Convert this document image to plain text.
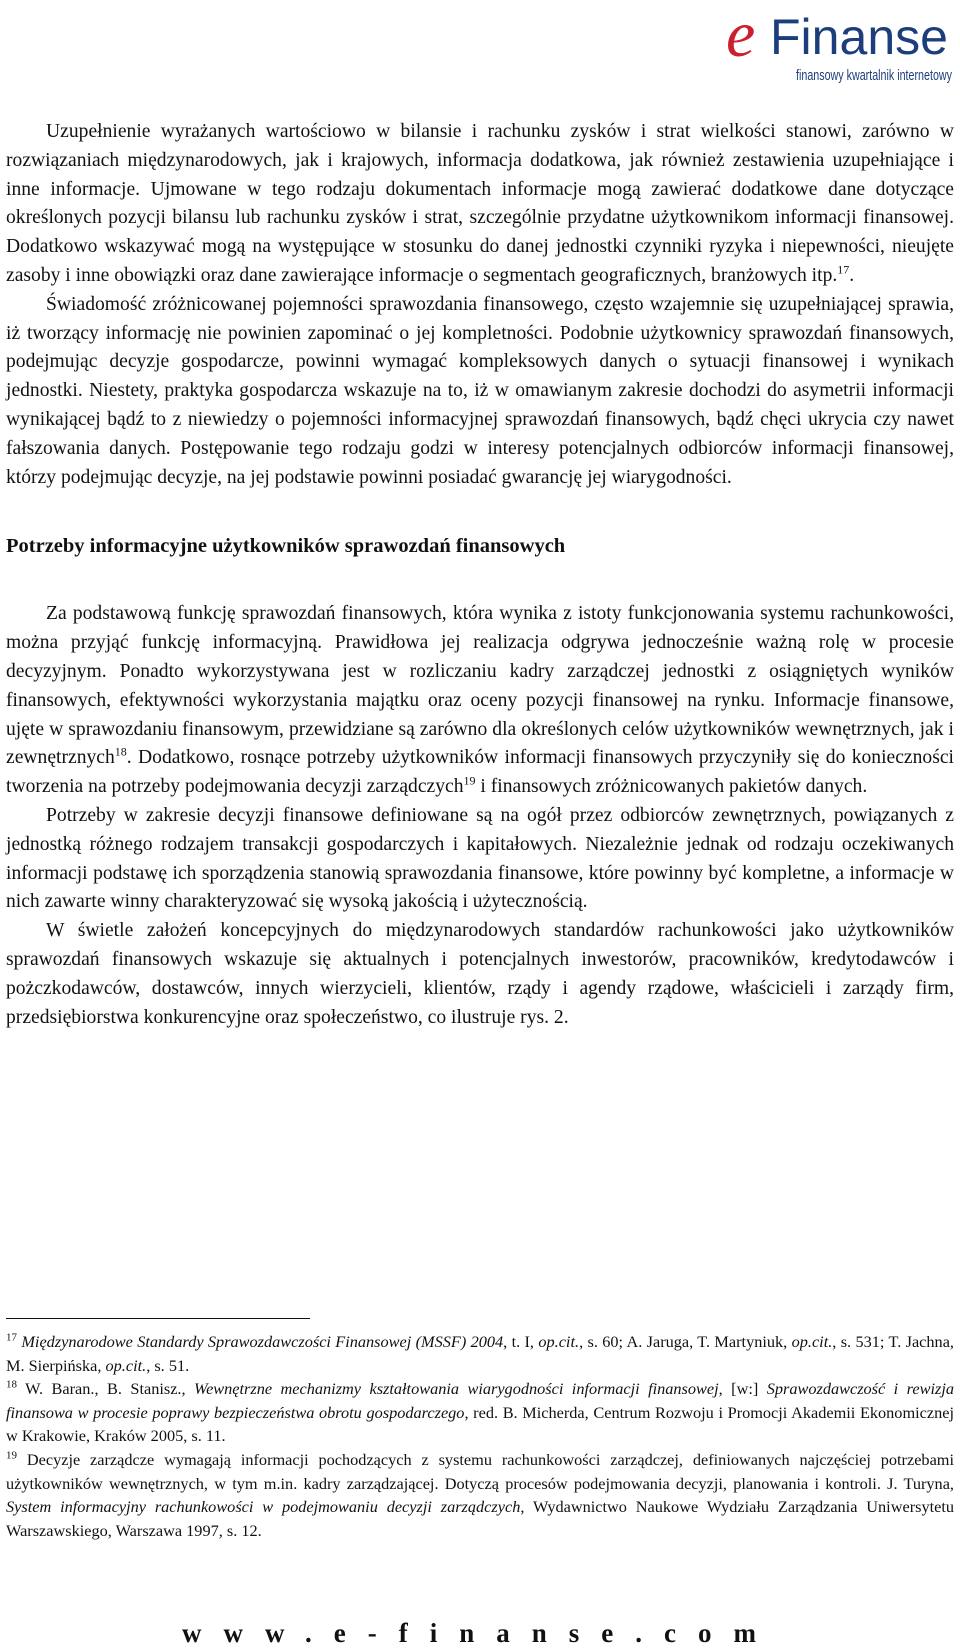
e Finanse
finansowy kwartalnik internetowy

Uzupełnienie wyrażanych wartościowo w bilansie i rachunku zysków i strat wielkości stanowi, zarówno w rozwiązaniach międzynarodowych, jak i krajowych, informacja dodatkowa, jak również zestawienia uzupełniające i inne informacje. Ujmowane w tego rodzaju dokumentach informacje mogą zawierać dodatkowe dane dotyczące określonych pozycji bilansu lub rachunku zysków i strat, szczególnie przydatne użytkownikom informacji finansowej. Dodatkowo wskazywać mogą na występujące w stosunku do danej jednostki czynniki ryzyka i niepewności, nieujęte zasoby i inne obowiązki oraz dane zawierające informacje o segmentach geograficznych, branżowych itp.$^{17}$.

Świadomość zróżnicowanej pojemności sprawozdania finansowego, często wzajemnie się uzupełniającej sprawia, iż tworzący informację nie powinien zapominać o jej kompletności. Podobnie użytkownicy sprawozdań finansowych, podejmując decyzje gospodarcze, powinni wymagać kompleksowych danych o sytuacji finansowej i wynikach jednostki. Niestety, praktyka gospodarcza wskazuje na to, iż w omawianym zakresie dochodzi do asymetrii informacji wynikającej bądź to z niewiedzy o pojemności informacyjnej sprawozdań finansowych, bądź chęci ukrycia czy nawet fałszowania danych. Postępowanie tego rodzaju godzi w interesy potencjalnych odbiorców informacji finansowej, którzy podejmując decyzje, na jej podstawie powinni posiadać gwarancję jej wiarygodności.

Potrzeby informacyjne użytkowników sprawozdań finansowych

Za podstawową funkcję sprawozdań finansowych, która wynika z istoty funkcjonowania systemu rachunkowości, można przyjąć funkcję informacyjną. Prawidłowa jej realizacja odgrywa jednocześnie ważną rolę w procesie decyzyjnym. Ponadto wykorzystywana jest w rozliczaniu kadry zarządczej jednostki z osiągniętych wyników finansowych, efektywności wykorzystania majątku oraz oceny pozycji finansowej na rynku. Informacje finansowe, ujęte w sprawozdaniu finansowym, przewidziane są zarówno dla określonych celów użytkowników wewnętrznych, jak i zewnętrznych$^{18}$. Dodatkowo, rosnące potrzeby użytkowników informacji finansowych przyczyniły się do konieczności tworzenia na potrzeby podejmowania decyzji zarządczych$^{19}$ i finansowych zróżnicowanych pakietów danych.

Potrzeby w zakresie decyzji finansowe definiowane są na ogół przez odbiorców zewnętrznych, powiązanych z jednostką różnego rodzajem transakcji gospodarczych i kapitałowych. Niezależnie jednak od rodzaju oczekiwanych informacji podstawę ich sporządzenia stanowią sprawozdania finansowe, które powinny być kompletne, a informacje w nich zawarte winny charakteryzować się wysoką jakością i użytecznością.

W świetle założeń koncepcyjnych do międzynarodowych standardów rachunkowości jako użytkowników sprawozdań finansowych wskazuje się aktualnych i potencjalnych inwestorów, pracowników, kredytodawców i pożczkodawców, dostawców, innych wierzycieli, klientów, rządy i agendy rządowe, właścicieli i zarządy firm, przedsiębiorstwa konkurencyjne oraz społeczeństwo, co ilustruje rys. 2.

$^{17}$ Międzynarodowe Standardy Sprawozdawczości Finansowej (MSSF) 2004, t. I, op.cit., s. 60; A. Jaruga, T. Martyniuk, op.cit., s. 531; T. Jachna, M. Sierpińska, op.cit., s. 51.

$^{18}$ W. Baran., B. Stanisz., Wewnętrzne mechanizmy kształtowania wiarygodności informacji finansowej, [w:] Sprawozdawczość i rewizja finansowa w procesie poprawy bezpieczeństwa obrotu gospodarczego, red. B. Micherda, Centrum Rozwoju i Promocji Akademii Ekonomicznej w Krakowie, Kraków 2005, s. 11.

$^{19}$ Decyzje zarządcze wymagają informacji pochodzących z systemu rachunkowości zarządczej, definiowanych najczęściej potrzebami użytkowników wewnętrznych, w tym m.in. kadry zarządzającej. Dotyczą procesów podejmowania decyzji, planowania i kontroli. J. Turyna, System informacyjny rachunkowości w podejmowaniu decyzji zarządczych, Wydawnictwo Naukowe Wydziału Zarządzania Uniwersytetu Warszawskiego, Warszawa 1997, s. 12.

www.e-finanse.com
